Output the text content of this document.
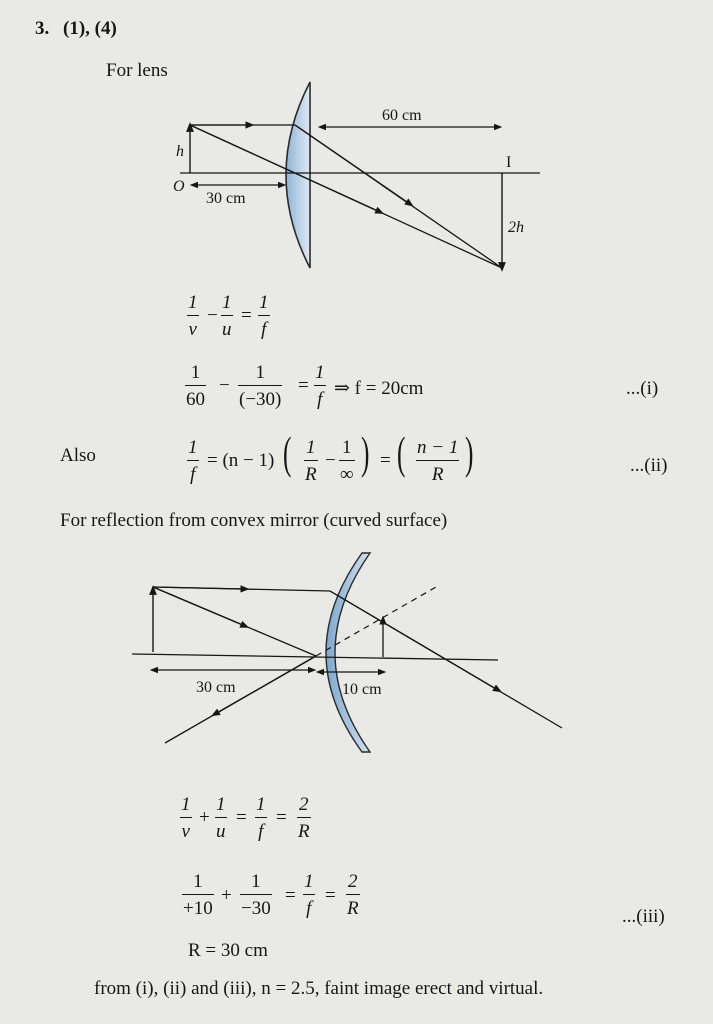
3. (1), (4)
For lens
60 cm
30 cm
h
O
I
2h
30 cm	10 cm
$\frac{1}{v} - \frac{1}{u} = \frac{1}{f}$
$\frac{1}{60} - \frac{1}{(-30)} = \frac{1}{f}$ ⇒ f = 20cm	...(i)
Also	$\frac{1}{f} = (n - 1)$ ( $\frac{1}{R}$ −
1
∞ ) = ( $\frac{n - 1}{R}$ )	...(ii)
For reflection from convex mirror (curved surface)
$\frac{1}{v} + \frac{1}{u} = \frac{1}{f} = \frac{2}{R}$
$\frac{1}{+10} + \frac{1}{-30} = \frac{1}{f} = \frac{2}{R}$	...(iii)
R = 30 cm
from (i), (ii) and (iii), n = 2.5, faint image erect and virtual.
